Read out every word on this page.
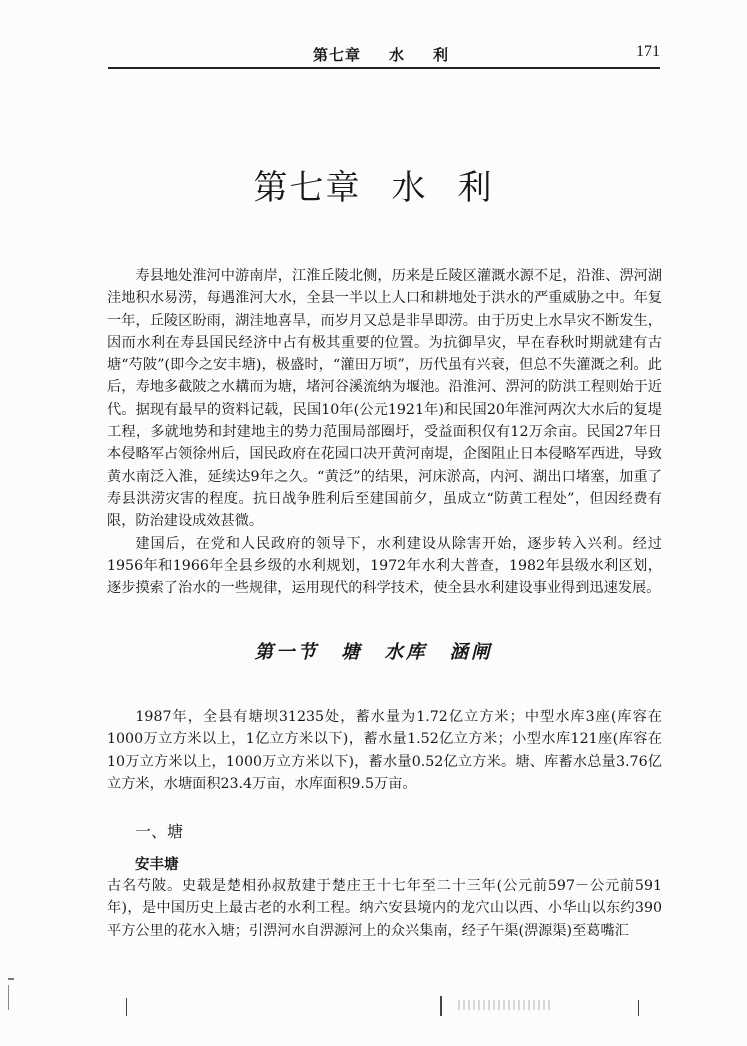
第七章 水 利	171
第七章 水 利

寿县地处淮河中游南岸，江淮丘陵北侧，历来是丘陵区灌溉水源不足，沿淮、淠河湖洼地积水易涝，每遇淮河大水，全县一半以上人口和耕地处于洪水的严重威胁之中。年复一年，丘陵区盼雨，湖洼地喜旱，而岁月又总是非旱即涝。由于历史上水旱灾不断发生，因而水利在寿县国民经济中占有极其重要的位置。为抗御旱灾，早在春秋时期就建有古塘“芍陂”(即今之安丰塘)，极盛时，“灌田万顷”，历代虽有兴衰，但总不失灌溉之利。此后，寿地多截陂之水耩而为塘，堵河谷溪流纳为堰池。沿淮河、淠河的防洪工程则始于近代。据现有最早的资料记载，民国10年(公元1921年)和民国20年淮河两次大水后的复堤工程，多就地势和封建地主的势力范围局部圈圩，受益面积仅有12万余亩。民国27年日本侵略军占领徐州后，国民政府在花园口决开黄河南堤，企图阻止日本侵略军西进，导致黄水南泛入淮，延续达9年之久。“黄泛”的结果，河床淤高，内河、湖出口堵塞，加重了寿县洪涝灾害的程度。抗日战争胜利后至建国前夕，虽成立“防黄工程处”，但因经费有限，防治建设成效甚微。

建国后，在党和人民政府的领导下，水利建设从除害开始，逐步转入兴利。经过1956年和1966年全县乡级的水利规划，1972年水利大普查，1982年县级水利区划，逐步摸索了治水的一些规律，运用现代的科学技术，使全县水利建设事业得到迅速发展。

第一节 塘 水库 涵闸

1987年，全县有塘坝31235处，蓄水量为1.72亿立方米；中型水库3座(库容在1000万立方米以上，1亿立方米以下)，蓄水量1.52亿立方米；小型水库121座(库容在10万立方米以上，1000万立方米以下)，蓄水量0.52亿立方米。塘、库蓄水总量3.76亿立方米，水塘面积23.4万亩，水库面积9.5万亩。

一、塘
安丰塘

古名芍陂。史载是楚相孙叔敖建于楚庄王十七年至二十三年(公元前597－公元前591年)，是中国历史上最古老的水利工程。纳六安县境内的龙穴山以西、小华山以东约390平方公里的花水入塘；引淠河水自淠源河上的众兴集南，经子午渠(淠源渠)至葛嘴汇
